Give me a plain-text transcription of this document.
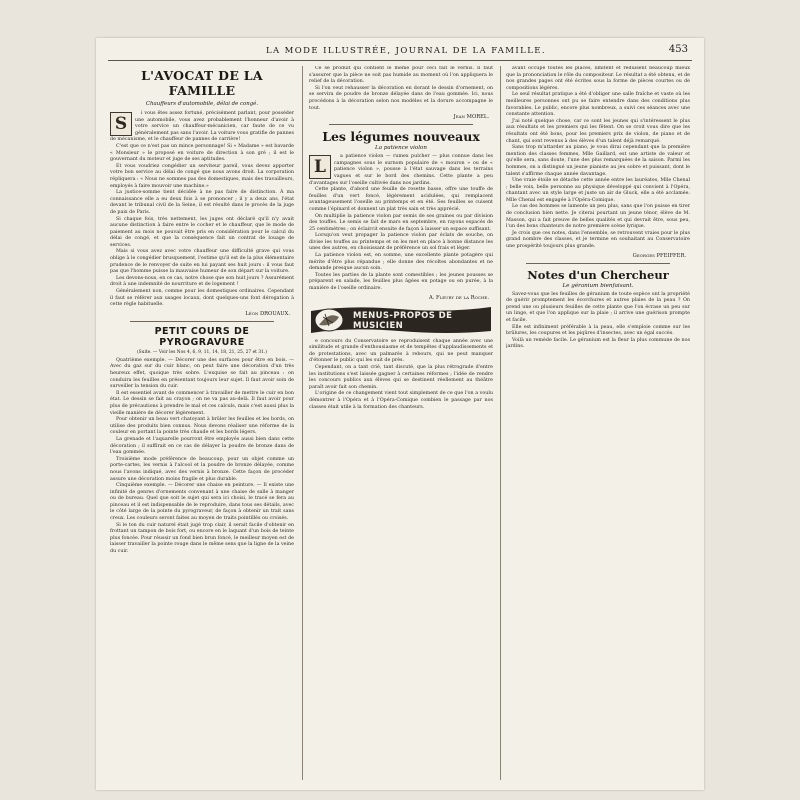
LA MODE ILLUSTRÉE, JOURNAL DE LA FAMILLE.	453
L'AVOCAT DE LA FAMILLE
Chauffeurs d'automobile, délai de congé.
S

i vous êtes assez fortuné, précisément parlant, pour posséder une automobile, vous avez probablement l'honneur d'avoir à votre service un chauffeur-mécanicien, car faute de ce vu généralement pas sans l'avoir. La voiture vous gratifie de pannes de mécanisme, et le chauffeur de pannes de carrière!

C'est que ce n'est pas un mince personnage! Si « Madame » est bavarde « Monsieur » le proposé en voiture de direction à son gré ; il est le gouvernant du moteur et juge de ses aptitudes.

Et vous voudriez congédier un serviteur pareil, vous devez apporter votre bon service au délai de congé que nous avons droit. La corporation répliquera : « Nous ne sommes pas des domestiques, mais des travailleurs, employés à faire mouvoir une machine.»

La justice-somme tient décidée à ne pas faire de distinction. À ma connaissance elle a eu deux fois à se prononcer ; il y a deux ans, l'état devant le tribunal civil de la Seine, il est résulté dans le procès de la juge de paix de Paris.

Si chaque fois, très nettement, les juges ont déclaré qu'il n'y avait aucune distinction à faire entre le cocher et le chauffeur, que le mode de paiement au mois ne pouvait être pris en considération pour le calcul du délai de congé, et que la conséquence fait un contrat de louage de services.

Mais si vous avez avec votre chauffeur une difficulté grave qui vous oblige à le congédier brusquement, l'estime qu'il est de la plus élémentaire prudence de le renvoyer de suite en lui payant ses huit jours : il vous faut pas que l'homme puisse la mauvaise humeur de son départ sur la voiture.

Les devons-nous, en ce cas, notre chose que son huit jours ? Assurément droit à une indemnité de nourriture et de logement !

Généralement non, comme pour les domestiques ordinaires. Cependant il faut se référer aux usages locaux, dont quelques-uns font dérogation à cette règle habituelle.

Léon DROUAUX.
PETIT COURS DE PYROGRAVURE
(Suite. — Voir les Nos 4, 6, 9, 11, 14, 18, 21, 25, 27 et 31.)

Quatrième exemple. — Décorer une des surfaces pour être en bois. — Avec du gaz sur du cuir blanc, on peut faire une décoration d'un très heureux effet, quoique très sobre. L'exquise se fait au pinceau : on conduira les feuilles en présentant toujours leur sujet. Il faut avoir soin de surveiller la tension du cuir.

Il est essentiel avant de commencer à travailler de mettre le cuir en bon état. Le dessin se fait au crayon ; on ne va pas au-delà. Il faut avoir pour plus de précautions à prendre le mal et ces calculs, mais c'est aussi plus la vieille manière de décorer légèrement.

Pour obtenir un beau vert chatoyant à brûler les feuilles et les bords, on utilise des produits bien connus. Nous devons réaliser une réforme de la couleur en portant la pointe très chaude et les bords légers.

La grenade et l'aquarelle pourront être employés aussi bien dans cette décoration ; il suffirait en ce cas de délayer la poudre de bronze dans de l'eau gommée.

Troisième mode préférence de beaucoup, pour un objet comme un porte-cartes, les vernis à l'alcool et la poudre de bronze délayée, comme nous l'avons indiqué, avec des vernis à bronze. Cette façon de procéder assure une décoration moins fragile et plus durable.

Cinquième exemple. — Décorer une chaise en peinture. — Il existe une infinité de genres d'ornements convenant à une chaise de salle à manger ou de bureau. Quel que soit le sujet qui sera ici choisi, le tracé se fera au pinceau et il est indispensable de le reproduire, dans tous ses détails, avec le côté large de la pointe du pyrograveur, de façon à obtenir un trait sans creux. Les couleurs seront faites au moyen de traits pointillés ou croisés.

Si le ton du cuir naturel était jugé trop clair, il serait facile d'obtenir en frottant un tampon de bois fort, ou encore en le laquant d'un bois de teinte plus foncée. Pour réussir un fond bien brun foncé, le meilleur moyen est de laisser travailler la pointe rouge dans le même sens que la ligne de la veine du cuir.

Ce se produit qui contient le même pour ceci fait le vernis. Il faut s'assurer que la pièce ne soit pas humide au moment où l'on appliquera le relief de la décoration.

Si l'on veut rehausser la décoration en dorant le dessin d'ornement, on se servira de poudre de bronze délayée dans de l'eau gommée. Ici, nous procédons à la décoration selon nos modèles et la dorure accompagne le tout.

Jean MOREL.
Les légumes nouveaux
La patience violon
L

a patience violon — rumex pulcher — plus connue dans les campagnes sous le surnom populaire de « mouron » ou de « patience violon », pousse à l'état sauvage dans les terrains vagues et sur le bord des chemins. Cette plante a peu d'avantages sur l'oseille cultivée dans nos jardins.

Cette plante, d'abord une feuille de rosette basse, offre une touffe de feuilles d'un vert foncé, légèrement acidulées, qui remplacent avantageusement l'oseille au printemps et en été. Ses feuilles se cuisent comme l'épinard et donnent un plat très sain et très apprécié.

On multiplie la patience violon par semis de ses graines ou par division des touffes. Le semis se fait de mars en septembre, en rayons espacés de 25 centimètres ; on éclaircit ensuite de façon à laisser un espace suffisant.

Lorsqu'on veut propager la patience violon par éclats de souche, on divise les touffes au printemps et on les met en place à bonne distance les unes des autres, en choisissant de préférence un sol frais et léger.

La patience violon est, en somme, une excellente plante potagère qui mérite d'être plus répandue ; elle donne des récoltes abondantes et ne demande presque aucun soin.

Toutes les parties de la plante sont comestibles ; les jeunes pousses se préparent en salade, les feuilles plus âgées en potage ou en purée, à la manière de l'oseille ordinaire.

A. Fleury de la Roche.
MENUS-PROPOS DE MUSICIEN

e concours du Conservatoire se reproduisent chaque année avec une similitude et grande d'enthousiasme et de tempêtes d'applaudissements et de protestations, avec un palmarès à rebours, qui ne peut manquer d'étonner le public qui les suit de près.

Cependant, on a tant crié, tant discuté, que la plus rétrograde d'entre les institutions s'est laissée gagner à certaines réformes ; l'idée de rendre les concours publics aux élèves qui se destinent réellement au théâtre paraît avoir fait son chemin.

L'origine de ce changement vient tout simplement de ce que l'on a voulu démontrer à l'Opéra et à l'Opéra-Comique combien le passage par nos classes était utile à la formation des chanteurs.

avant occupé toutes les places, limitent et réduisent beaucoup mieux que la prononciation le rôle du compositeur. Le résultat a été obtenu, et de nos grandes pages ont été écrites sous la forme de pièces courtes ou de compositions légères.

Le seul résultat pratique a été d'obliger une salle fraîche et vaste où les meilleures personnes ont pu se faire entendre dans des conditions plus favorables. Le public, encore plus nombreux, a suivi ces séances avec une constante attention.

J'ai noté quelque chose, car ce sont les jeunes qui s'intéressent le plus aux résultats et les premiers qui les fêtent. On se croit vous dire que les résultats ont été bons, pour les premiers prix de violon, de piano et de chant, qui sont revenus à des élèves d'un talent déjà remarqué.

Sans trop m'attarder au piano, je vous dirai cependant que la première mention des classes femmes, Mlle Gaillard, est une artiste de valeur et qu'elle sera, sans doute, l'une des plus remarquées de la saison. Parmi les hommes, on a distingué un jeune pianiste au jeu sobre et puissant, dont le talent s'affirme chaque année davantage.

Une vraie étoile se détache cette année entre les lauréates, Mlle Chenal ; belle voix, belle personne au physique développé qui convient à l'Opéra, chantant avec un style large et juste un air de Gluck, elle a été acclamée. Mlle Chenal est engagée à l'Opéra-Comique.

Le cas des hommes se lamente un peu plus, sans que l'on puisse en tirer de conclusion bien nette. Je citerai pourtant un jeune ténor, élève de M. Masson, qui a fait preuve de belles qualités et qui devrait être, sous peu, l'un des bons chanteurs de notre première scène lyrique.

Je crois que ces notes, dans l'ensemble, se retrouvent vraies pour le plus grand nombre des classes, et je termine en souhaitant au Conservatoire une prospérité toujours plus grande.

Georges PFEIFFER.
Notes d'un Chercheur
Le géranium bienfaisant.

Savez-vous que les feuilles de géranium de toute espèce ont la propriété de guérir promptement les écorchures et autres plaies de la peau ? On prend une ou plusieurs feuilles de cette plante que l'on écrase un peu sur un linge, et que l'on applique sur la plaie ; il arrive une guérison prompte et facile.

Elle est infiniment préférable à la peau, elle s'emploie comme sur les brûlures, les coupures et les piqûres d'insectes, avec un égal succès.

Voilà un remède facile. Le géranium est la fleur la plus commune de nos jardins.
